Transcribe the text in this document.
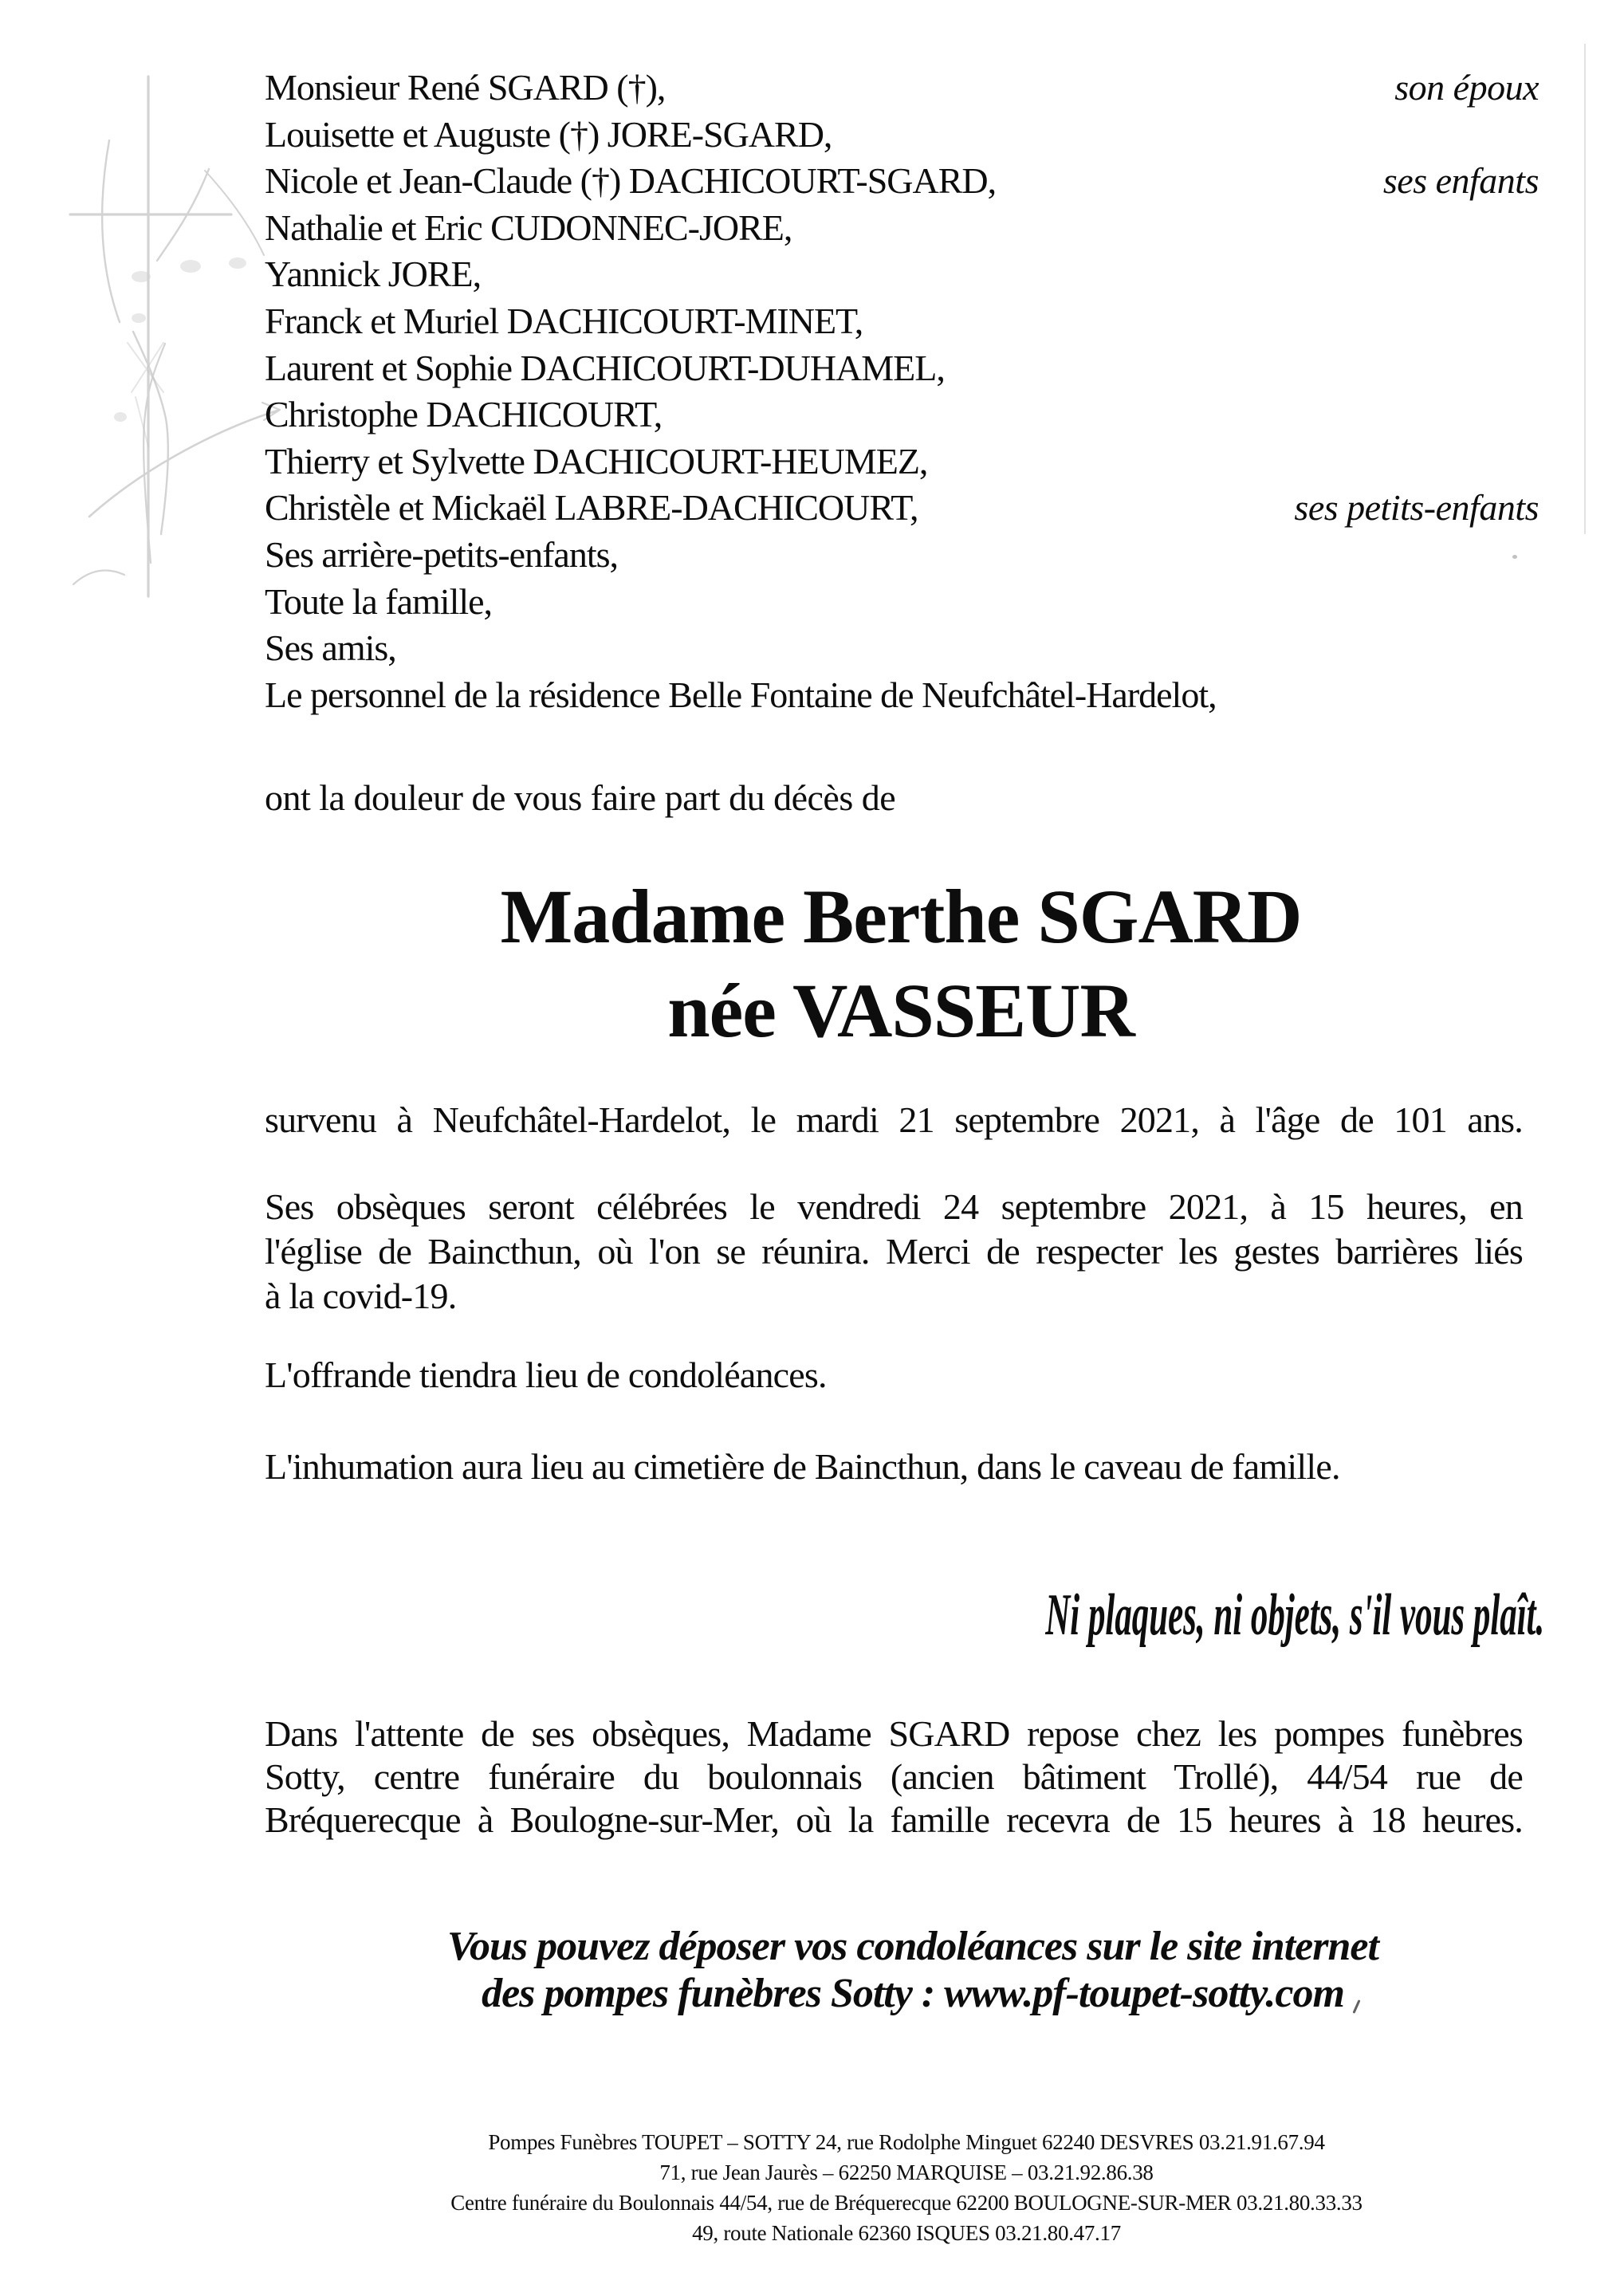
Monsieur René SGARD (†),
Louisette et Auguste (†) JORE-SGARD,
Nicole et Jean-Claude (†) DACHICOURT-SGARD,
Nathalie et Eric CUDONNEC-JORE,
Yannick JORE,
Franck et Muriel DACHICOURT-MINET,
Laurent et Sophie DACHICOURT-DUHAMEL,
Christophe DACHICOURT,
Thierry et Sylvette DACHICOURT-HEUMEZ,
Christèle et Mickaël LABRE-DACHICOURT,
Ses arrière-petits-enfants,
Toute la famille,
Ses amis,
Le personnel de la résidence Belle Fontaine de Neufchâtel-Hardelot,
son époux
ses enfants
ses petits-enfants
ont la douleur de vous faire part du décès de
Madame Berthe SGARD
née VASSEUR
survenu à Neufchâtel-Hardelot, le mardi 21 septembre 2021, à l'âge de 101 ans.
Ses obsèques seront célébrées le vendredi 24 septembre 2021, à 15 heures, en
l'église de Baincthun, où l'on se réunira. Merci de respecter les gestes barrières liés
à la covid-19.
L'offrande tiendra lieu de condoléances.
L'inhumation aura lieu au cimetière de Baincthun, dans le caveau de famille.
Ni plaques, ni objets, s'il vous plaît.
Dans l'attente de ses obsèques, Madame SGARD repose chez les pompes funèbres
Sotty, centre funéraire du boulonnais (ancien bâtiment Trollé), 44/54 rue de
Bréquerecque à Boulogne-sur-Mer, où la famille recevra de 15 heures à 18 heures.
Vous pouvez déposer vos condoléances sur le site internet
des pompes funèbres Sotty : www.pf-toupet-sotty.com
Pompes Funèbres TOUPET – SOTTY 24, rue Rodolphe Minguet 62240 DESVRES 03.21.91.67.94
71, rue Jean Jaurès – 62250 MARQUISE – 03.21.92.86.38
Centre funéraire du Boulonnais 44/54, rue de Bréquerecque 62200 BOULOGNE-SUR-MER 03.21.80.33.33
49, route Nationale 62360 ISQUES 03.21.80.47.17
